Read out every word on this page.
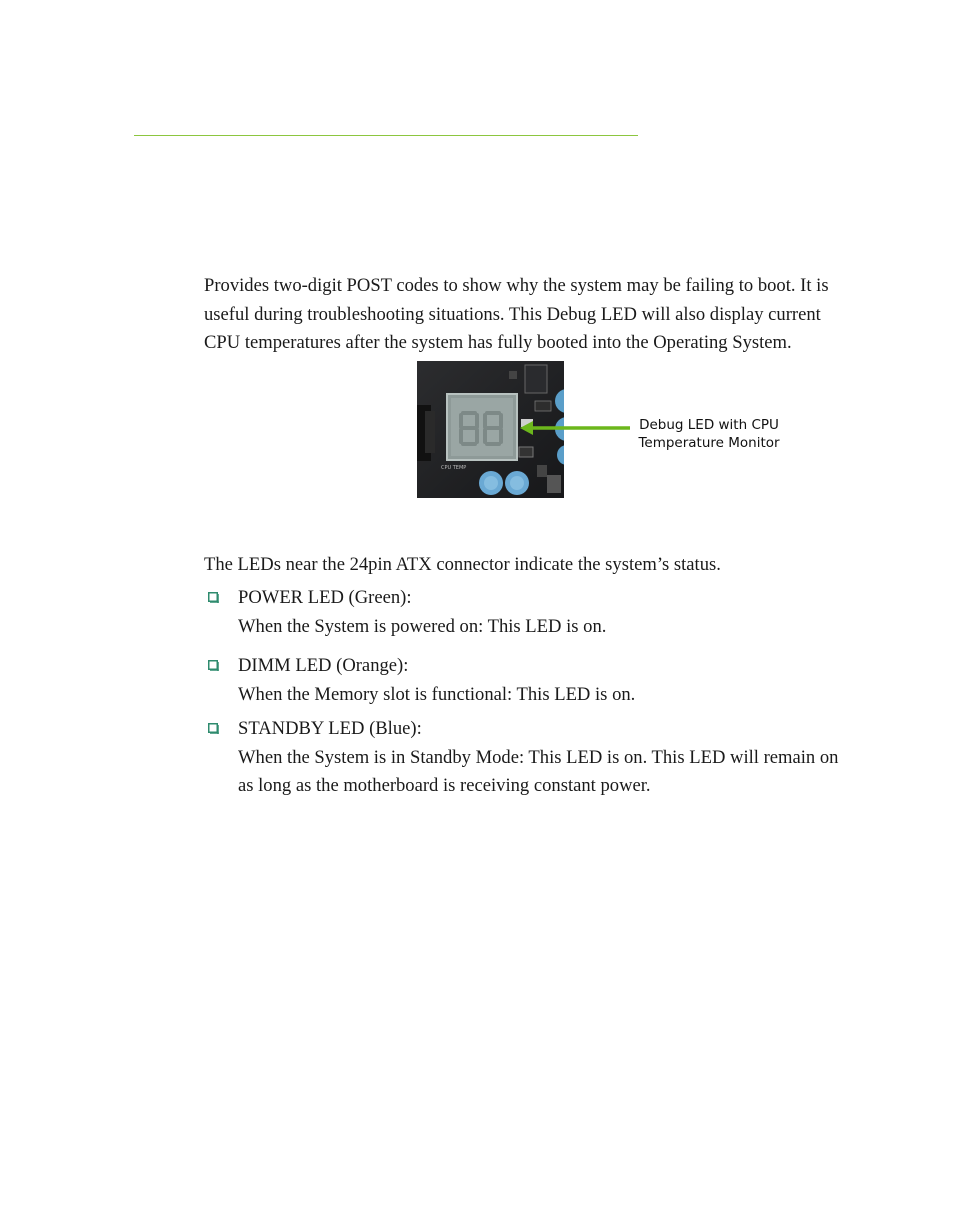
Provides two-digit POST codes to show why the system may be failing to boot. It is useful during troubleshooting situations. This Debug LED will also display current CPU temperatures after the system has fully booted into the Operating System.

CPU TEMP
Debug LED with CPU
Temperature Monitor

The LEDs near the 24pin ATX connector indicate the system’s status.

POWER LED (Green):
When the System is powered on: This LED is on.
DIMM LED (Orange):
When the Memory slot is functional: This LED is on.
STANDBY LED (Blue):
When the System is in Standby Mode: This LED is on. This LED will remain on as long as the motherboard is receiving constant power.
